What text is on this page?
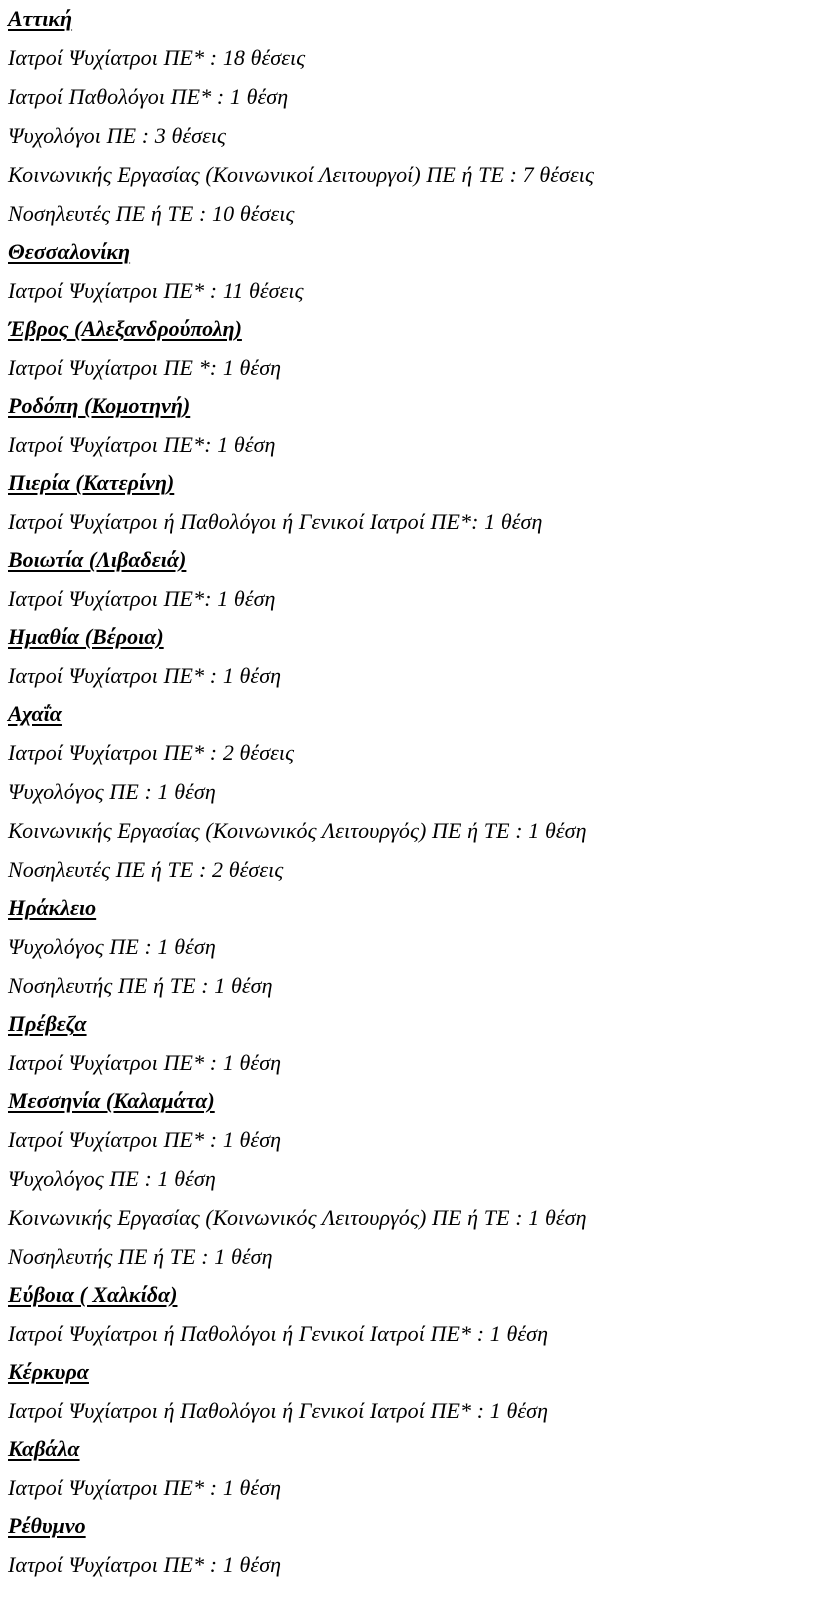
Αττική
Ιατροί Ψυχίατροι ΠΕ* : 18 θέσεις
Ιατροί Παθολόγοι ΠΕ* : 1 θέση
Ψυχολόγοι ΠΕ : 3 θέσεις
Κοινωνικής Εργασίας (Κοινωνικοί Λειτουργοί) ΠΕ ή ΤΕ : 7 θέσεις
Νοσηλευτές ΠΕ ή ΤΕ : 10 θέσεις
Θεσσαλονίκη
Ιατροί Ψυχίατροι ΠΕ* : 11 θέσεις
Έβρος (Αλεξανδρούπολη)
Ιατροί Ψυχίατροι ΠΕ *: 1 θέση
Ροδόπη (Κομοτηνή)
Ιατροί Ψυχίατροι ΠΕ*: 1 θέση
Πιερία (Κατερίνη)
Ιατροί Ψυχίατροι ή Παθολόγοι ή Γενικοί Ιατροί ΠΕ*: 1 θέση
Βοιωτία (Λιβαδειά)
Ιατροί Ψυχίατροι ΠΕ*: 1 θέση
Ημαθία (Βέροια)
Ιατροί Ψυχίατροι ΠΕ* : 1 θέση
Αχαΐα
Ιατροί Ψυχίατροι ΠΕ* : 2 θέσεις
Ψυχολόγος ΠΕ : 1 θέση
Κοινωνικής Εργασίας (Κοινωνικός Λειτουργός) ΠΕ ή ΤΕ : 1 θέση
Νοσηλευτές ΠΕ ή ΤΕ : 2 θέσεις
Ηράκλειο
Ψυχολόγος ΠΕ : 1 θέση
Νοσηλευτής ΠΕ ή ΤΕ : 1 θέση
Πρέβεζα
Ιατροί Ψυχίατροι ΠΕ* : 1 θέση
Μεσσηνία (Καλαμάτα)
Ιατροί Ψυχίατροι ΠΕ* : 1 θέση
Ψυχολόγος ΠΕ : 1 θέση
Κοινωνικής Εργασίας (Κοινωνικός Λειτουργός) ΠΕ ή ΤΕ : 1 θέση
Νοσηλευτής ΠΕ ή ΤΕ : 1 θέση
Εύβοια ( Χαλκίδα)
Ιατροί Ψυχίατροι ή Παθολόγοι ή Γενικοί Ιατροί ΠΕ* : 1 θέση
Κέρκυρα
Ιατροί Ψυχίατροι ή Παθολόγοι ή Γενικοί Ιατροί ΠΕ* : 1 θέση
Καβάλα
Ιατροί Ψυχίατροι ΠΕ* : 1 θέση
Ρέθυμνο
Ιατροί Ψυχίατροι ΠΕ* : 1 θέση
